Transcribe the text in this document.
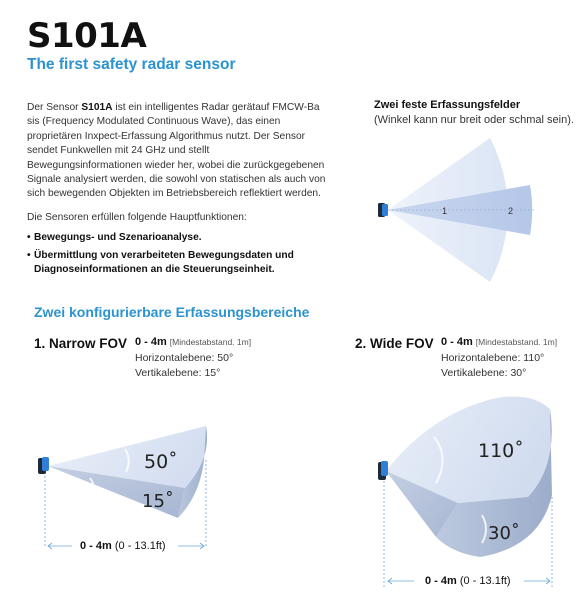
S101A
The first safety radar sensor

Der Sensor S101A ist ein intelligentes Radar gerätauf FMCW-Ba sis (Frequency Modulated Continuous Wave), das einen proprietären Inxpect-Erfassung Algorithmus nutzt. Der Sensor sendet Funkwellen mit 24 GHz und stellt Bewegungsinformationen wieder her, wobei die zurückgegebenen Signale analysiert werden, die sowohl von statischen als auch von sich bewegenden Objekten im Betriebsbereich reflektiert werden.

Die Sensoren erfüllen folgende Hauptfunktionen:

• Bewegungs- und Szenarioanalyse.
• Übermittlung von verarbeiteten Bewegungsdaten und Diagnoseinformationen an die Steuerungseinheit.
Zwei feste Erfassungsfelder
(Winkel kann nur breit oder schmal sein).
1	2
Zwei konfigurierbare Erfassungsbereiche
1. Narrow FOV 0 - 4m [Mindestabstand. 1m]
Horizontalebene: 50°
Vertikalebene: 15°
2. Wide FOV 0 - 4m [Mindestabstand. 1m]
Horizontalebene: 110°
Vertikalebene: 30°
50˚
15˚
0 - 4m (0 - 13.1ft)
110˚
30˚
0 - 4m (0 - 13.1ft)
